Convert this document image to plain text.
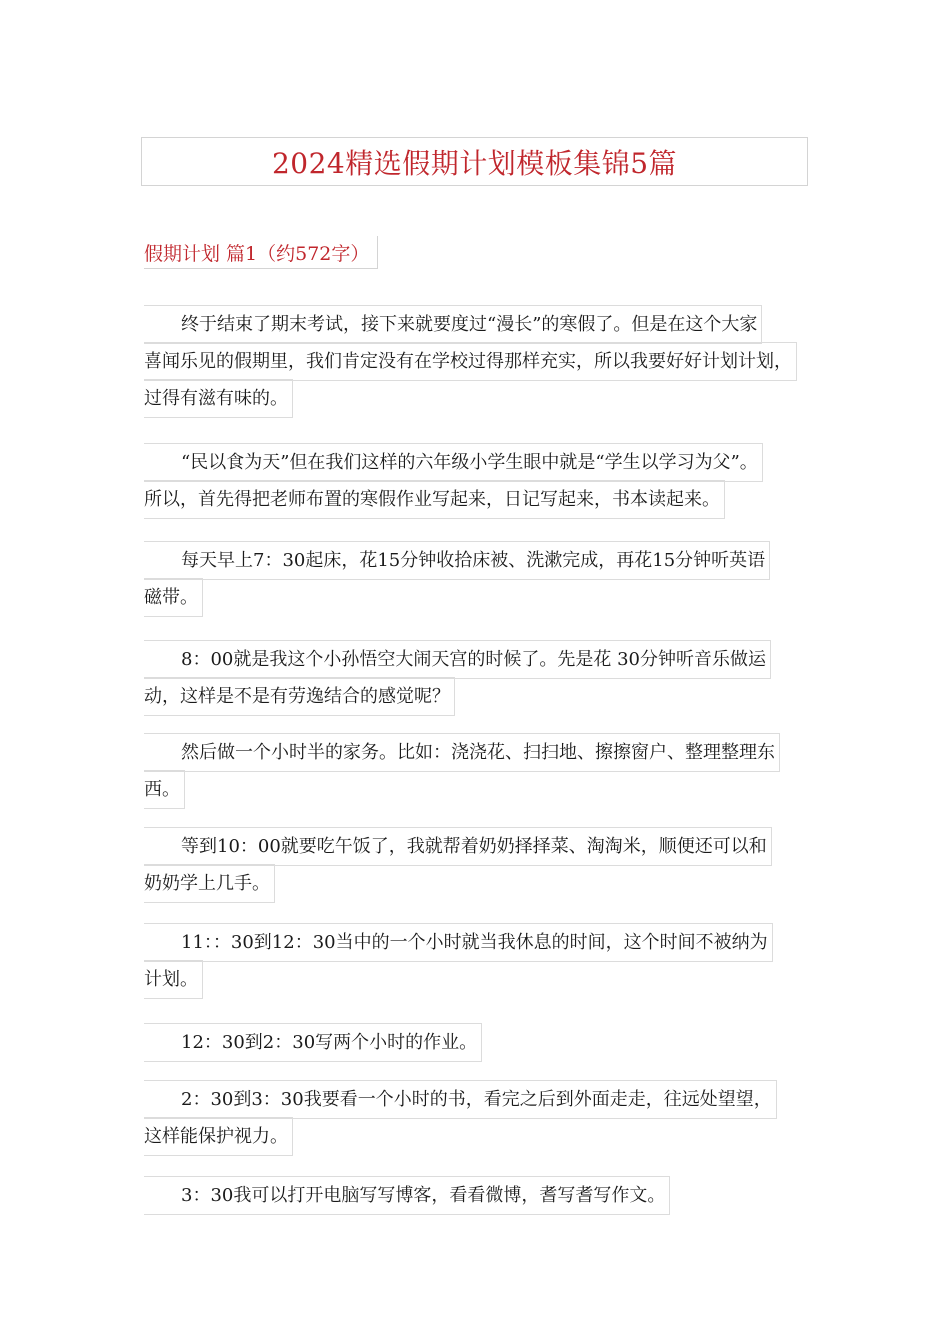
2024精选假期计划模板集锦5篇
假期计划 篇1（约572字）
终于结束了期末考试，接下来就要度过“漫长”的寒假了。但是在这个大家
喜闻乐见的假期里，我们肯定没有在学校过得那样充实，所以我要好好计划计划，
过得有滋有味的。
“民以食为天”但在我们这样的六年级小学生眼中就是“学生以学习为父”。
所以，首先得把老师布置的寒假作业写起来，日记写起来，书本读起来。
每天早上7：30起床，花15分钟收拾床被、洗漱完成，再花15分钟听英语
磁带。
8：00就是我这个小孙悟空大闹天宫的时候了。先是花 30分钟听音乐做运
动，这样是不是有劳逸结合的感觉呢？
然后做一个小时半的家务。比如：浇浇花、扫扫地、擦擦窗户、整理整理东
西。
等到10：00就要吃午饭了，我就帮着奶奶择择菜、淘淘米，顺便还可以和
奶奶学上几手。
11：：30到12：30当中的一个小时就当我休息的时间，这个时间不被纳为
计划。
12：30到2：30写两个小时的作业。
2：30到3：30我要看一个小时的书，看完之后到外面走走，往远处望望，
这样能保护视力。
3：30我可以打开电脑写写博客，看看微博，耆写耆写作文。
